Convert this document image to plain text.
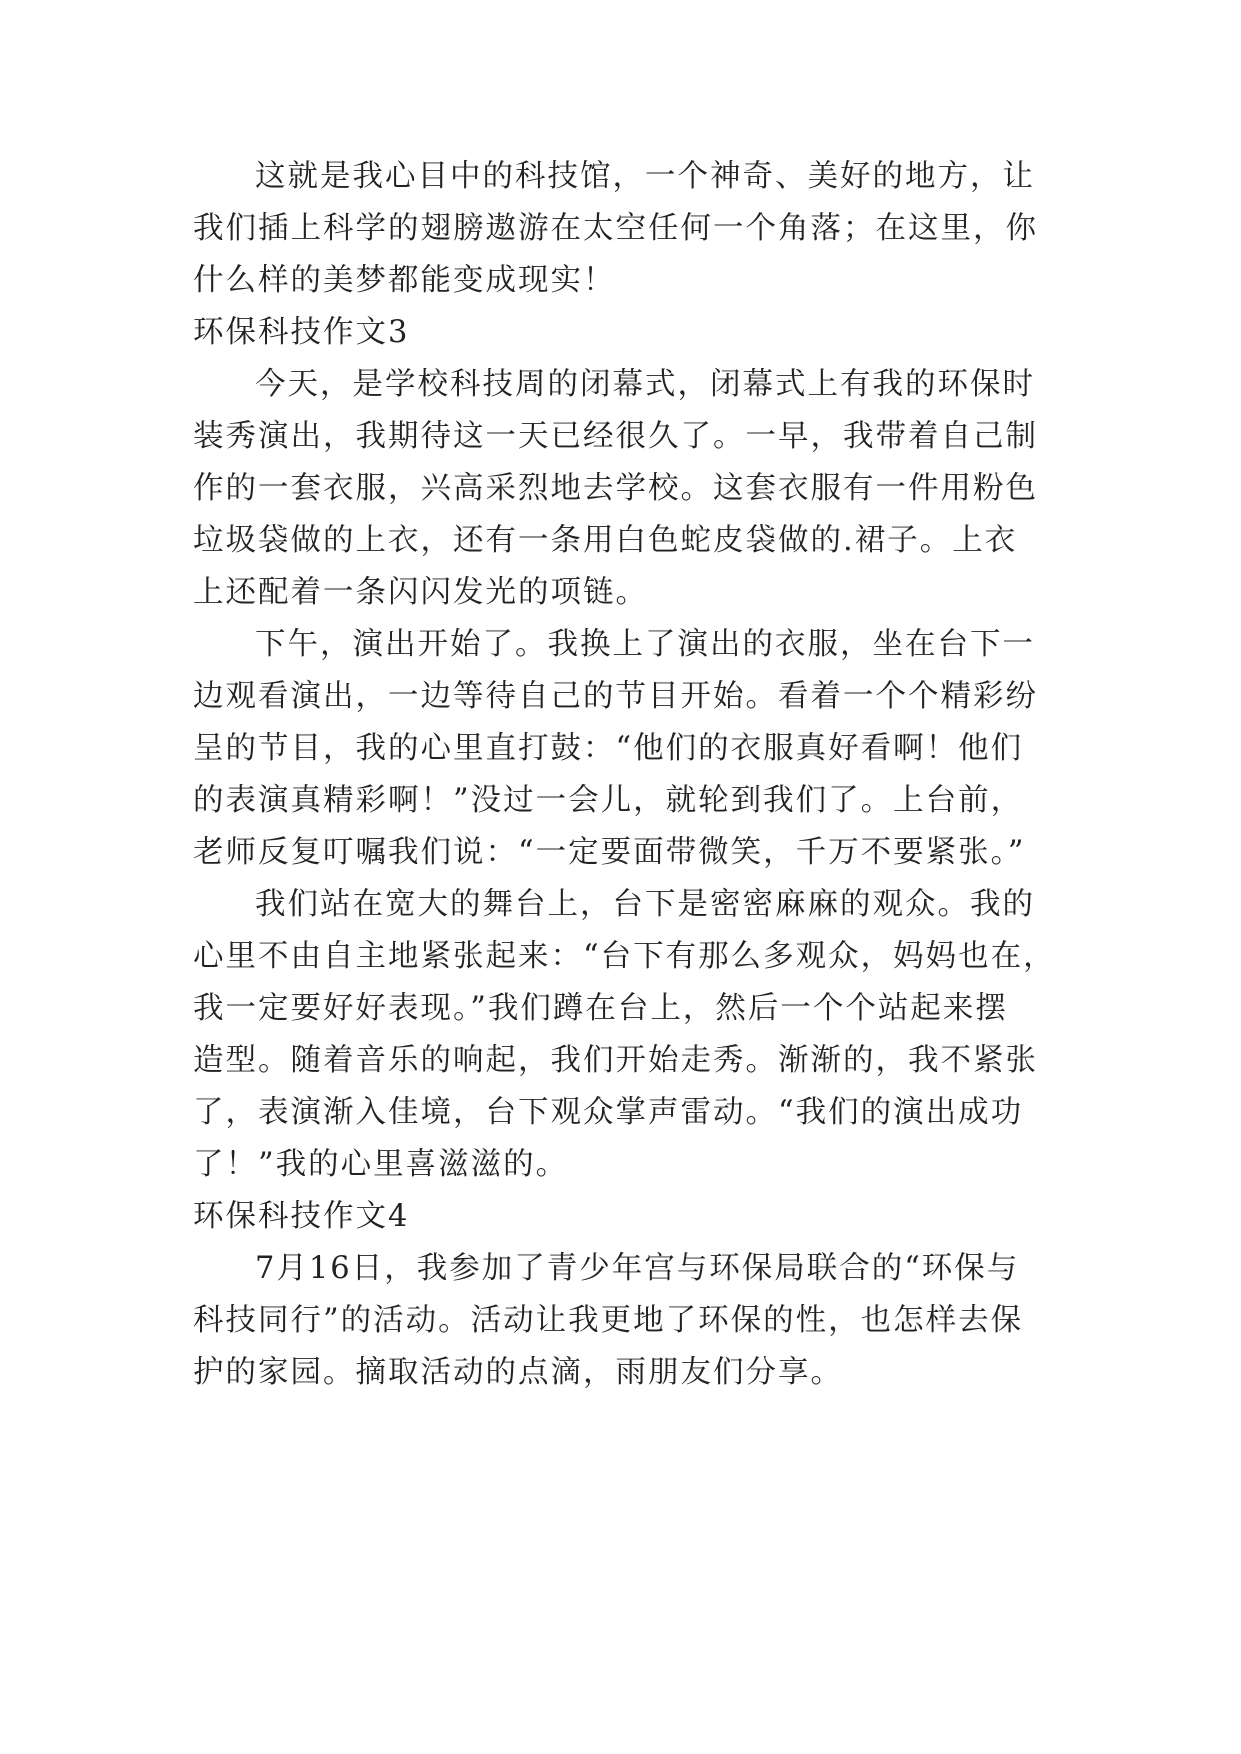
这就是我心目中的科技馆，一个神奇、美好的地方，让
我们插上科学的翅膀遨游在太空任何一个角落；在这里，你
什么样的美梦都能变成现实！
环保科技作文3
今天，是学校科技周的闭幕式，闭幕式上有我的环保时
装秀演出，我期待这一天已经很久了。一早，我带着自己制
作的一套衣服，兴高采烈地去学校。这套衣服有一件用粉色
垃圾袋做的上衣，还有一条用白色蛇皮袋做的.裙子。上衣
上还配着一条闪闪发光的项链。
下午，演出开始了。我换上了演出的衣服，坐在台下一
边观看演出，一边等待自己的节目开始。看着一个个精彩纷
呈的节目，我的心里直打鼓：“他们的衣服真好看啊！他们
的表演真精彩啊！”没过一会儿，就轮到我们了。上台前，
老师反复叮嘱我们说：“一定要面带微笑，千万不要紧张。”
我们站在宽大的舞台上，台下是密密麻麻的观众。我的
心里不由自主地紧张起来：“台下有那么多观众，妈妈也在，
我一定要好好表现。”我们蹲在台上，然后一个个站起来摆
造型。随着音乐的响起，我们开始走秀。渐渐的，我不紧张
了，表演渐入佳境，台下观众掌声雷动。“我们的演出成功
了！”我的心里喜滋滋的。
环保科技作文4
7月16日，我参加了青少年宫与环保局联合的“环保与
科技同行”的活动。活动让我更地了环保的性，也怎样去保
护的家园。摘取活动的点滴，雨朋友们分享。
